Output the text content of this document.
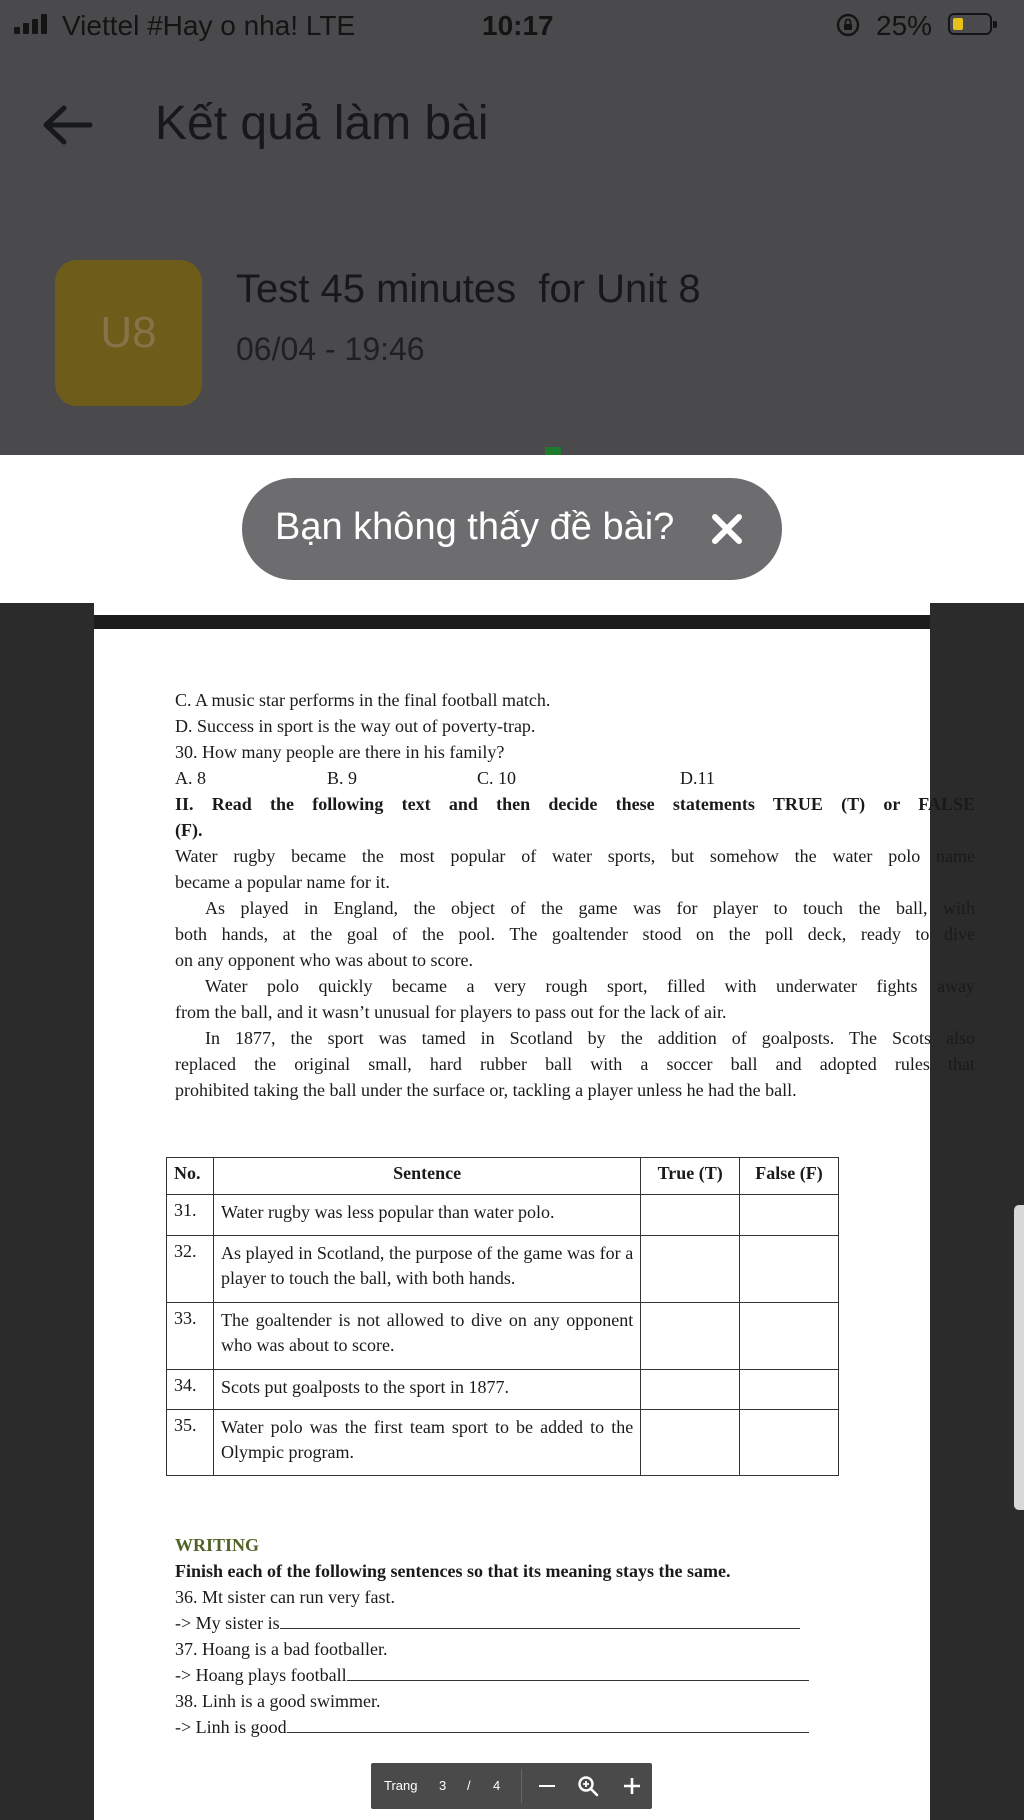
Viettel #Hay o nha! LTE	10:17	25%
Kết quả làm bài
U8
Test 45 minutes  for Unit 8
06/04 - 19:46
Bạn không thấy đề bài?
C. A music star performs in the final football match.
D. Success in sport is the way out of poverty-trap.
30. How many people are there in his family?
A. 8	B. 9	C. 10	D.11
II. Read the following text and then decide these statements TRUE (T) or FALSE
(F).
Water rugby became the most popular of water sports, but somehow the water polo name
became a popular name for it.
As played in England, the object of the game was for player to touch the ball, with
both hands, at the goal of the pool. The goaltender stood on the poll deck, ready to dive
on any opponent who was about to score.
Water polo quickly became a very rough sport, filled with underwater fights away
from the ball, and it wasn’t unusual for players to pass out for the lack of air.
In 1877, the sport was tamed in Scotland by the addition of goalposts. The Scots also
replaced the original small, hard rubber ball with a soccer ball and adopted rules that
prohibited taking the ball under the surface or, tackling a player unless he had the ball.
No.	Sentence	True (T)	False (F)
31.	Water rugby was less popular than water polo.		
32.	As played in Scotland, the purpose of the game was for a player to touch the ball, with both hands.		
33.	The goaltender is not allowed to dive on any opponent who was about to score.		
34.	Scots put goalposts to the sport in 1877.		
35.	Water polo was the first team sport to be added to the Olympic program.		
WRITING
Finish each of the following sentences so that its meaning stays the same.
36. Mt sister can run very fast.
-> My sister is
37. Hoang is a bad footballer.
-> Hoang plays football
38. Linh is a good swimmer.
-> Linh is good
Trang 3 / 4
